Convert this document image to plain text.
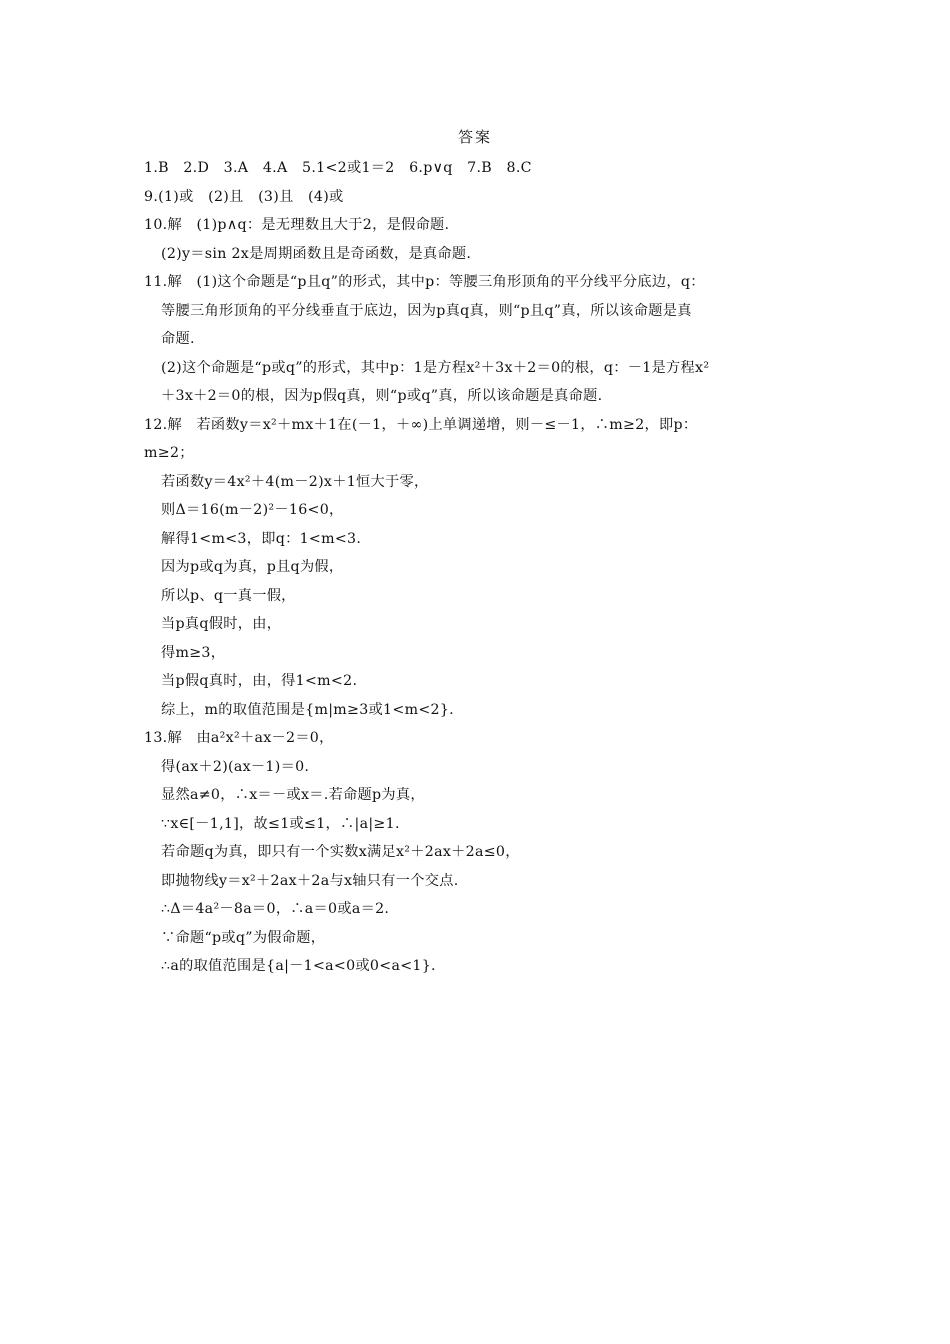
答案
1.B　2.D　3.A　4.A　5.1<2或1＝2　6.p∨q　7.B　8.C
9.(1)或　(2)且　(3)且　(4)或
10.解　(1)p∧q：是无理数且大于2，是假命题.
(2)y＝sin 2x是周期函数且是奇函数，是真命题.
11.解　(1)这个命题是“p且q”的形式，其中p：等腰三角形顶角的平分线平分底边，q：
等腰三角形顶角的平分线垂直于底边，因为p真q真，则“p且q”真，所以该命题是真
命题.
(2)这个命题是“p或q”的形式，其中p：1是方程x²＋3x＋2＝0的根，q：－1是方程x²
＋3x＋2＝0的根，因为p假q真，则“p或q”真，所以该命题是真命题.
12.解　若函数y＝x²＋mx＋1在(－1，＋∞)上单调递增，则－≤－1，∴m≥2，即p：
m≥2；
若函数y＝4x²＋4(m－2)x＋1恒大于零，
则Δ＝16(m－2)²－16<0，
解得1<m<3，即q：1<m<3.
因为p或q为真，p且q为假，
所以p、q一真一假，
当p真q假时，由，
得m≥3，
当p假q真时，由，得1<m<2.
综上，m的取值范围是{m|m≥3或1<m<2}.
13.解　由a²x²＋ax－2＝0，
得(ax＋2)(ax－1)＝0.
显然a≠0，∴x＝－或x＝.若命题p为真，
∵x∈[－1,1]，故≤1或≤1，∴|a|≥1.
若命题q为真，即只有一个实数x满足x²＋2ax＋2a≤0，
即抛物线y＝x²＋2ax＋2a与x轴只有一个交点.
∴Δ＝4a²－8a＝0，∴a＝0或a＝2.
∵命题“p或q”为假命题，
∴a的取值范围是{a|－1<a<0或0<a<1}.
